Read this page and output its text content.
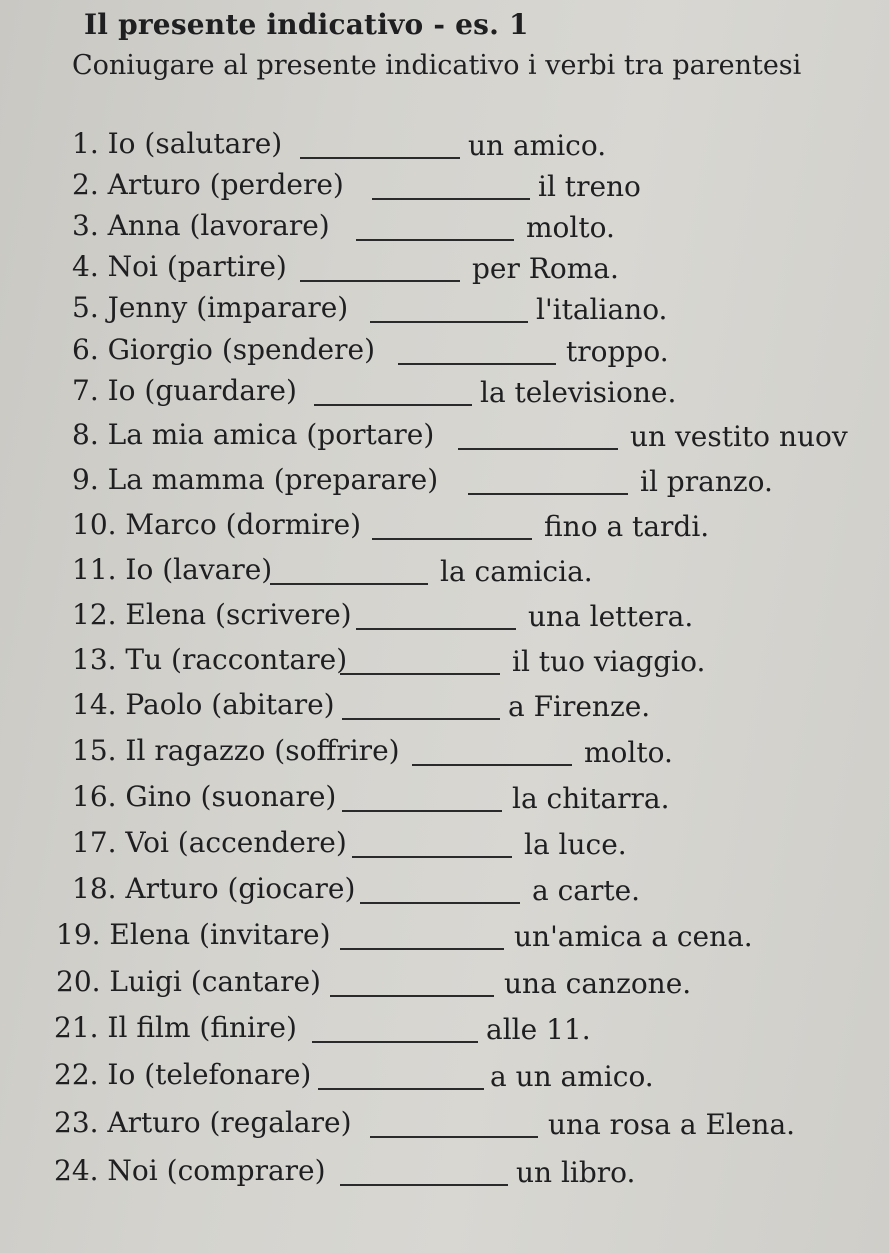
Il presente indicativo - es. 1
Coniugare al presente indicativo i verbi tra parentesi
1. Io (salutare)	un amico.
2. Arturo (perdere)	il treno
3. Anna (lavorare)	molto.
4. Noi (partire)	per Roma.
5. Jenny (imparare)	l'italiano.
6. Giorgio (spendere)	troppo.
7. Io (guardare)	la televisione.
8. La mia amica (portare)	un vestito nuov
9. La mamma (preparare)	il pranzo.
10. Marco (dormire)	fino a tardi.
11. Io (lavare)	la camicia.
12. Elena (scrivere)	una lettera.
13. Tu (raccontare)	il tuo viaggio.
14. Paolo (abitare)	a Firenze.
15. Il ragazzo (soffrire)	molto.
16. Gino (suonare)	la chitarra.
17. Voi (accendere)	la luce.
18. Arturo (giocare)	a carte.
19. Elena (invitare)	un'amica a cena.
20. Luigi (cantare)	una canzone.
21. Il film (finire)	alle 11.
22. Io (telefonare)	a un amico.
23. Arturo (regalare)	una rosa a Elena.
24. Noi (comprare)	un libro.
